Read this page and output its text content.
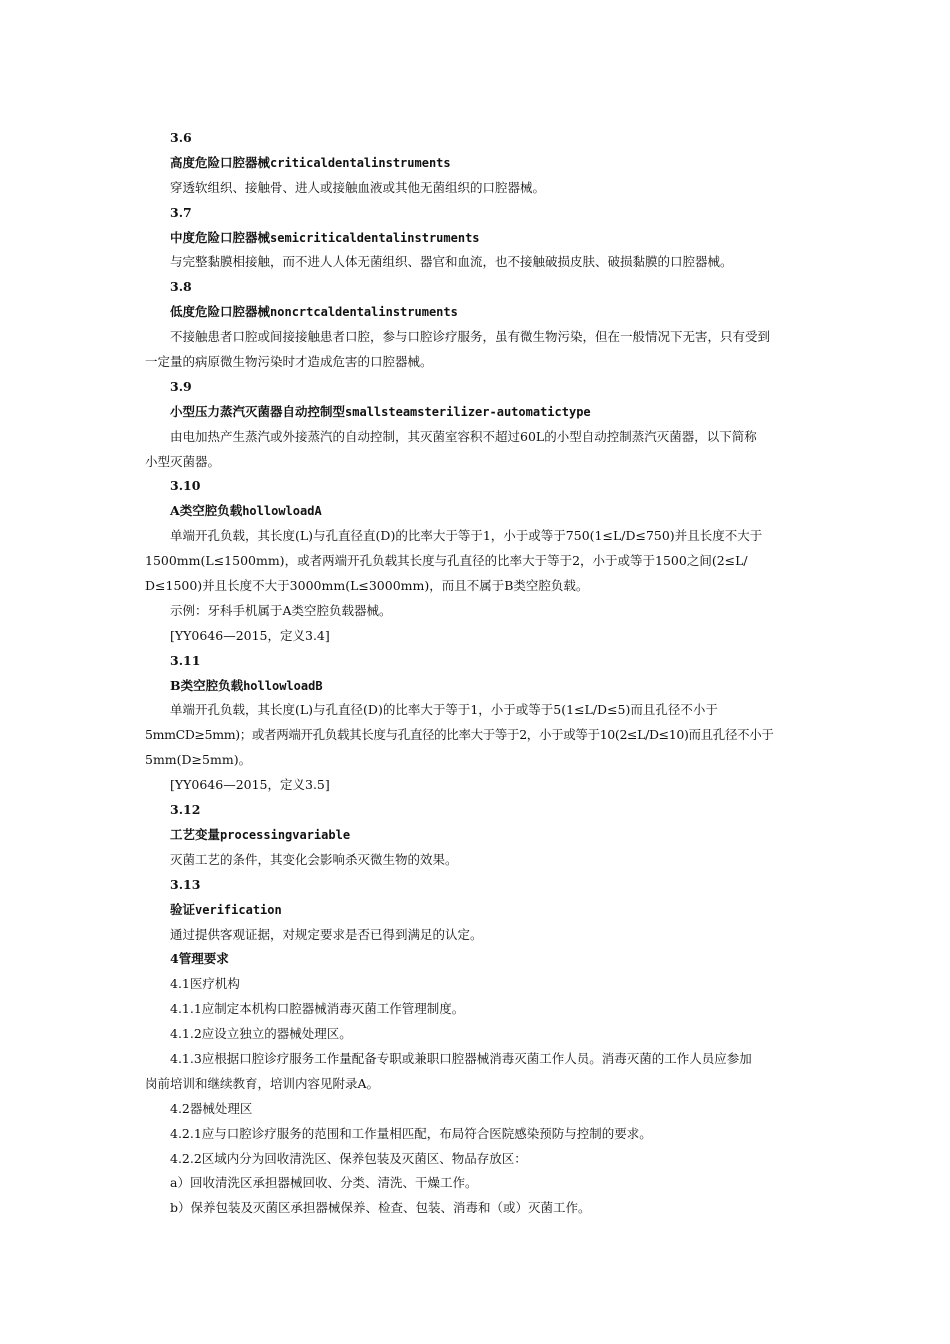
3.6
高度危险口腔器械criticaldentalinstruments
穿透软组织、接触骨、进人或接触血液或其他无菌组织的口腔器械。
3.7
中度危险口腔器械semicriticaldentalinstruments
与完整黏膜相接触，而不进人人体无菌组织、器官和血流，也不接触破损皮肤、破损黏膜的口腔器械。
3.8
低度危险口腔器械noncrtcaldentalinstruments
不接触患者口腔或间接接触患者口腔，参与口腔诊疗服务，虽有微生物污染，但在一般情况下无害，只有受到
一定量的病原微生物污染时才造成危害的口腔器械。
3.9
小型压力蒸汽灭菌器自动控制型smallsteamsterilizer-automatictype
由电加热产生蒸汽或外接蒸汽的自动控制，其灭菌室容积不超过60L的小型自动控制蒸汽灭菌器，以下简称
小型灭菌器。
3.10
A类空腔负载hollowloadA
单端开孔负载，其长度(L)与孔直径直(D)的比率大于等于1，小于或等于750(1≤L/D≤750)并且长度不大于
1500mm(L≤1500mm)，或者两端开孔负载其长度与孔直径的比率大于等于2，小于或等于1500之间(2≤L/
D≤1500)并且长度不大于3000mm(L≤3000mm)，而且不属于B类空腔负载。
示例：牙科手机属于A类空腔负载器械。
[YY0646—2015，定义3.4]
3.11
B类空腔负载hollowloadB
单端开孔负载，其长度(L)与孔直径(D)的比率大于等于1，小于或等于5(1≤L/D≤5)而且孔径不小于
5mmCD≥5mm)；或者两端开孔负载其长度与孔直径的比率大于等于2，小于或等于10(2≤L/D≤10)而且孔径不小于
5mm(D≥5mm)。
[YY0646—2015，定义3.5]
3.12
工艺变量processingvariable
灭菌工艺的条件，其变化会影响杀灭微生物的效果。
3.13
验证verification
通过提供客观证据，对规定要求是否已得到满足的认定。
4管理要求
4.1医疗机构
4.1.1应制定本机构口腔器械消毒灭菌工作管理制度。
4.1.2应设立独立的器械处理区。
4.1.3应根据口腔诊疗服务工作量配备专职或兼职口腔器械消毒灭菌工作人员。消毒灭菌的工作人员应参加
岗前培训和继续教育，培训内容见附录A。
4.2器械处理区
4.2.1应与口腔诊疗服务的范围和工作量相匹配，布局符合医院感染预防与控制的要求。
4.2.2区域内分为回收清洗区、保养包装及灭菌区、物品存放区：
a）回收清洗区承担器械回收、分类、清洗、干燥工作。
b）保养包装及灭菌区承担器械保养、检查、包装、消毒和（或）灭菌工作。
